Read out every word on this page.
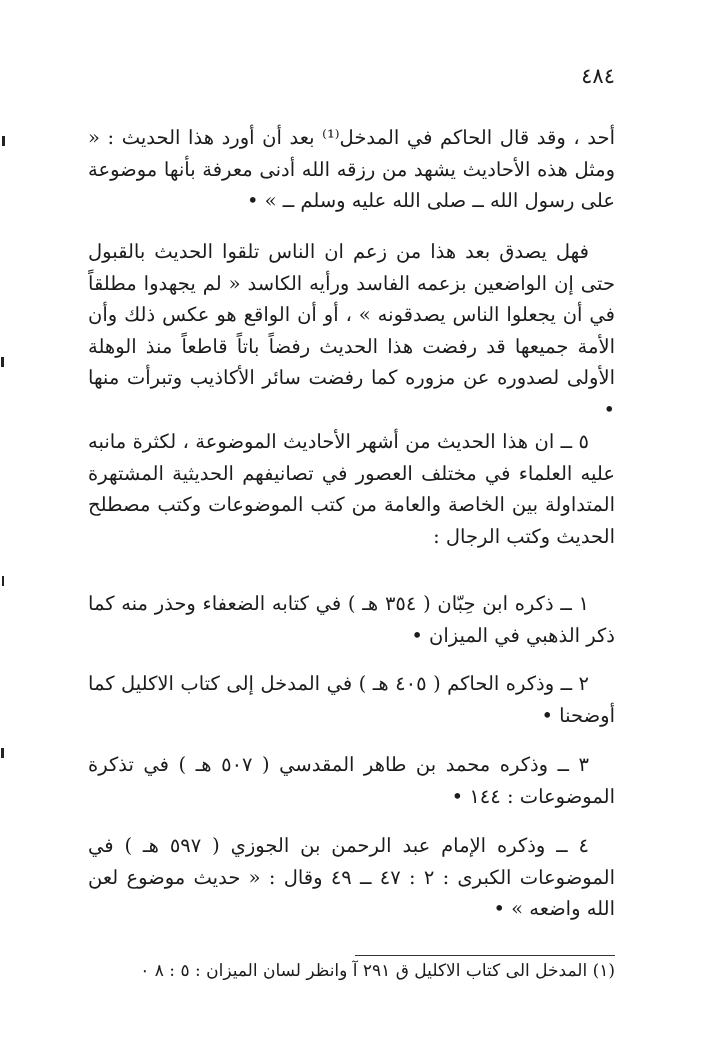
٤٨٤

أحد ، وقد قال الحاكم في المدخل⁽¹⁾ بعد أن أورد هذا الحديث : « ومثل هذه الأحاديث يشهد من رزقه الله أدنى معرفة بأنها موضوعة على رسول الله ــ صلى الله عليه وسلم ــ » •

فهل يصدق بعد هذا من زعم ان الناس تلقوا الحديث بالقبول حتى إن الواضعين بزعمه الفاسد ورأيه الكاسد « لم يجهدوا مطلقاً في أن يجعلوا الناس يصدقونه » ، أو أن الواقع هو عكس ذلك وأن الأمة جميعها قد رفضت هذا الحديث رفضاً باتاً قاطعاً منذ الوهلة الأولى لصدوره عن مزوره كما رفضت سائر الأكاذيب وتبرأت منها •

٥ ــ ان هذا الحديث من أشهر الأحاديث الموضوعة ، لكثرة مانبه عليه العلماء في مختلف العصور في تصانيفهم الحديثية المشتهرة المتداولة بين الخاصة والعامة من كتب الموضوعات وكتب مصطلح الحديث وكتب الرجال :

١ ــ ذكره ابن حِبّان ( ٣٥٤ هـ ) في كتابه الضعفاء وحذر منه كما ذكر الذهبي في الميزان •

٢ ــ وذكره الحاكم ( ٤٠٥ هـ ) في المدخل إلى كتاب الاكليل كما أوضحنا •

٣ ــ وذكره محمد بن طاهر المقدسي ( ٥٠٧ هـ ) في تذكرة الموضوعات : ١٤٤ •

٤ ــ وذكره الإمام عبد الرحمن بن الجوزي ( ٥٩٧ هـ ) في الموضوعات الكبرى : ٢ : ٤٧ ــ ٤٩ وقال : « حديث موضوع لعن الله واضعه » •

(١) المدخل الى كتاب الاكليل ق ٢٩١ آ وانظر لسان الميزان : ٥ : ٨ ٠
